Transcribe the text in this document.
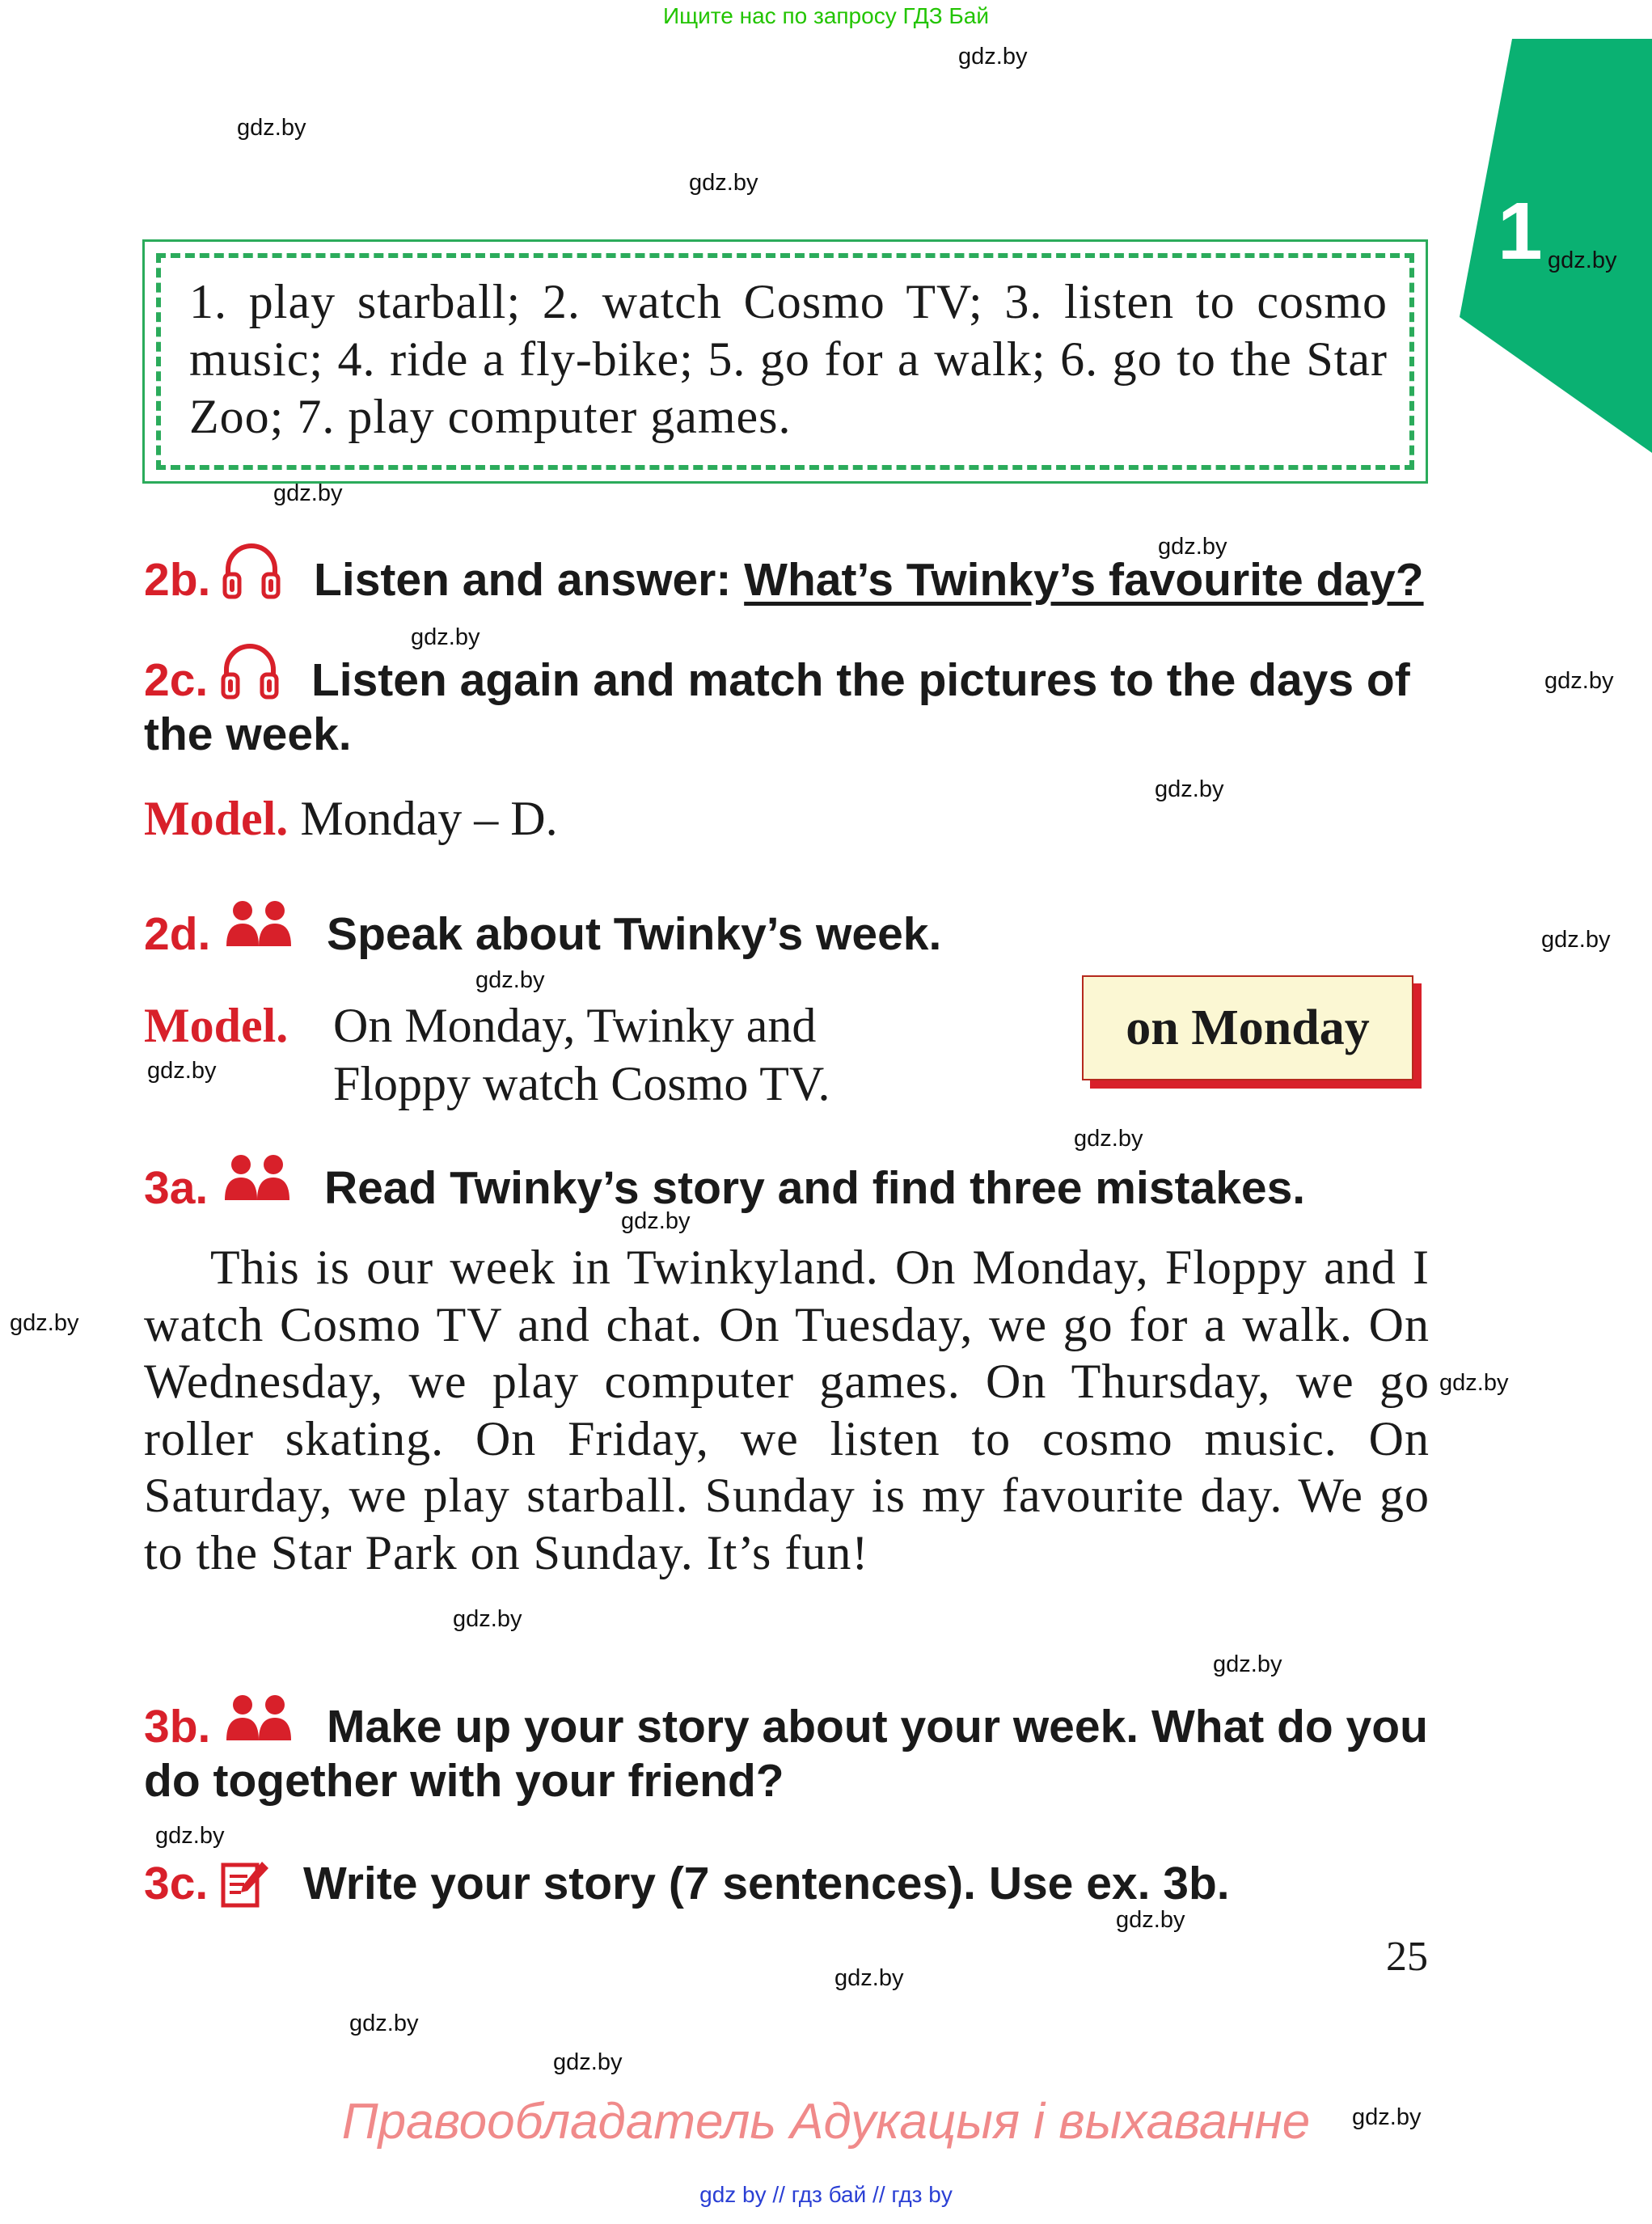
Ищите нас по запросу ГДЗ Бай
1
1. play starball; 2. watch Cosmo TV; 3. listen to cosmo music; 4. ride a fly-bike; 5. go for a walk; 6. go to the Star Zoo; 7. play computer games.
2b. Listen and answer: What’s Twinky’s favourite day?
2c. Listen again and match the pictures to the days of the week.
Model. Monday – D.
2d.	Speak about Twinky’s week.
Model. On Monday, Twinky and
Floppy watch Cosmo TV.
on Monday
3a.	Read Twinky’s story and find three mistakes.
This is our week in Twinkyland. On Monday, Floppy and I watch Cosmo TV and chat. On Tuesday, we go for a walk. On Wednesday, we play computer games. On Thursday, we go roller skating. On Friday, we listen to cosmo music. On Saturday, we play starball. Sunday is my favourite day. We go to the Star Park on Sunday. It’s fun!
3b.	Make up your story about your week. What do you do together with your friend?
3c. Write your story (7 sentences). Use ex. 3b.
25
Правообладатель Адукацыя і выхаванне
gdz by // гдз бай // гдз by
gdz.by
gdz.by
gdz.by
gdz.by
gdz.by
gdz.by
gdz.by
gdz.by
gdz.by
gdz.by
gdz.by
gdz.by
gdz.by
gdz.by
gdz.by
gdz.by
gdz.by
gdz.by
gdz.by
gdz.by
gdz.by
gdz.by
gdz.by
gdz.by
